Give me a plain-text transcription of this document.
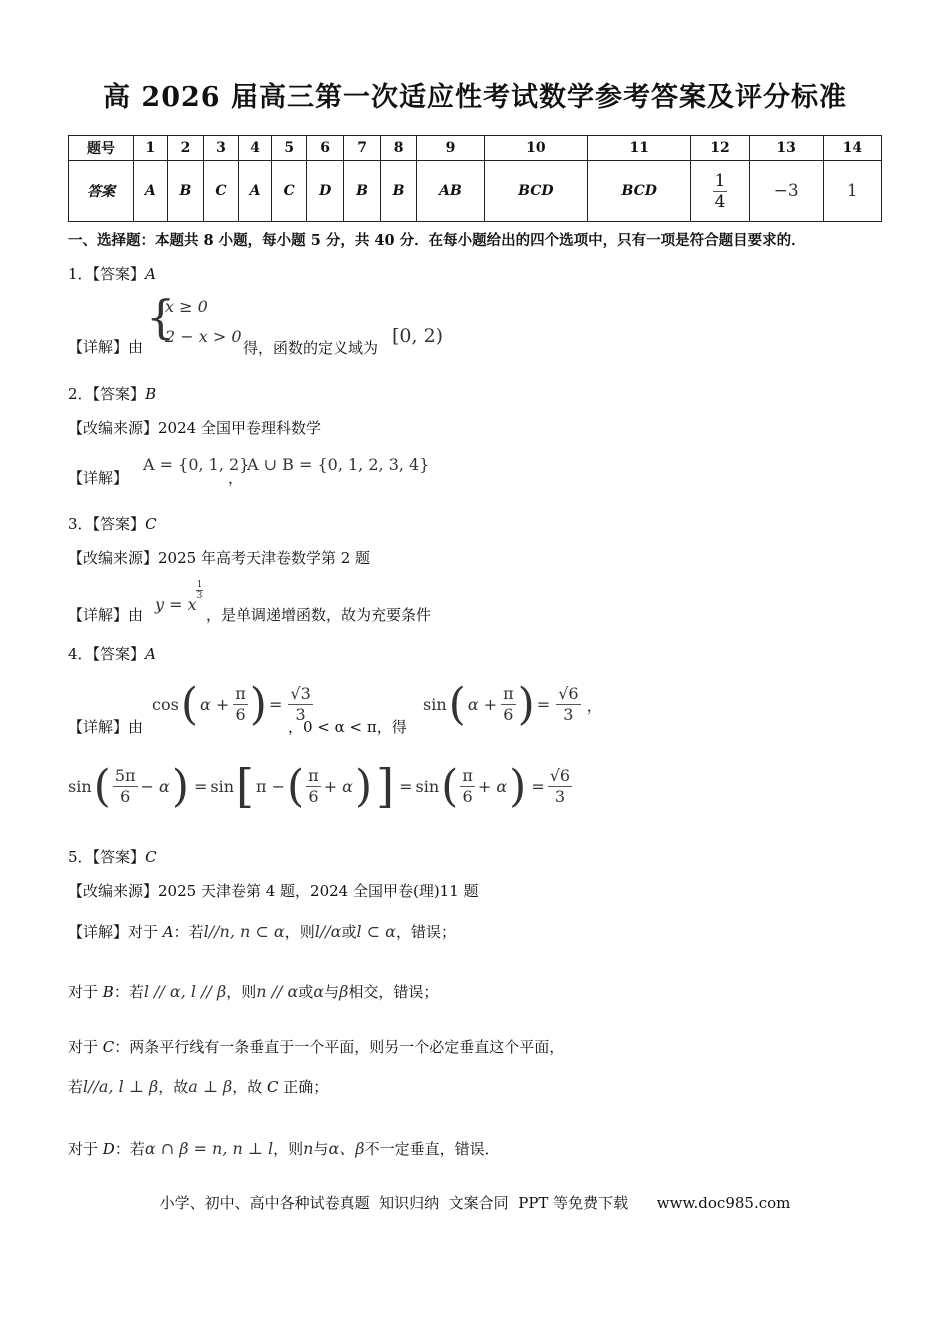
高 2026 届高三第一次适应性考试数学参考答案及评分标准
题号	1	2	3	4	5	6	7	8	9	10	11	12	13	14
答案	A	B	C	A	C	D	B	B	AB	BCD	BCD	$\frac{1}{4}$	−3	1
一、选择题：本题共 8 小题，每小题 5 分，共 40 分．在每小题给出的四个选项中，只有一项是符合题目要求的．
1．【答案】A
【详解】由
{
x ≥ 0
2 − x > 0
得，函数的定义域为
[0, 2)
2．【答案】B
【改编来源】2024 全国甲卷理科数学
【详解】
A = {0, 1, 2}
，
A ∪ B = {0, 1, 2, 3, 4}
3．【答案】C
【改编来源】2025 年高考天津卷数学第 2 题
【详解】由
y = x
$\frac{1}{3}$
，是单调递增函数，故为充要条件
4．【答案】A
【详解】由
cos ( $\alpha + \frac{\pi}{6}$ ) = $\frac{√3}{3}$
，0 < α < π，得
sin ( $\alpha + \frac{\pi}{6}$ ) = $\frac{√6}{3}$ ，
sin ( $\frac{5\pi}{6} - \alpha$ ) = sin [ π − ( $\frac{\pi}{6} + \alpha$ ) ] = sin ( $\frac{\pi}{6} + \alpha$ ) = $\frac{√6}{3}$
5．【答案】C
【改编来源】2025 天津卷第 4 题，2024 全国甲卷(理)11 题
【详解】对于 A：若l//n, n ⊂ α，则l//α或l ⊂ α，错误；
对于 B：若l // α, l // β，则n // α或α与β相交，错误；
对于 C：两条平行线有一条垂直于一个平面，则另一个必定垂直这个平面，
若l//a, l ⊥ β，故a ⊥ β，故 C 正确；
对于 D：若α ∩ β = n, n ⊥ l，则n与α、β不一定垂直，错误．
小学、初中、高中各种试卷真题  知识归纳  文案合同  PPT 等免费下载      www.doc985.com
